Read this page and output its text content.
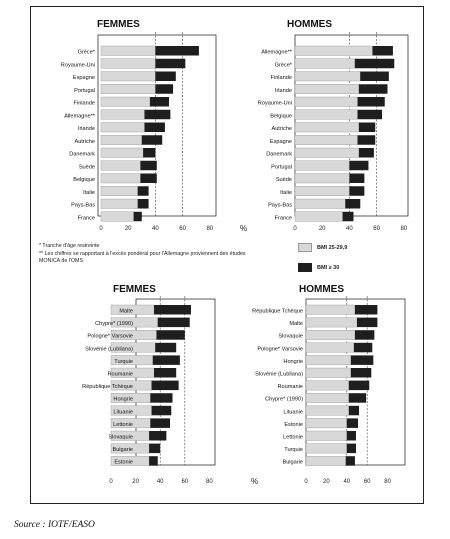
FEMMES
Grèce*
Royaume-Uni
Espagne
Portugal
Finlande
Allemagne**
Irlande
Autriche
Danemark
Suède
Belgique
Italie
Pays-Bas
France
0	20	40	60	80
HOMMES
Allemagne**
Grèce*
Finlande
Irlande
Royaume-Uni
Belgique
Autriche
Espagne
Danemark
Portugal
Suède
Italie
Pays-Bas
France
0	20	40	60	80
%
FEMMES
Malte
Chypre* (1990)
Pologne* Varsovie
Slovénie (Lubliana)
Turquie
Roumanie
République Tchèque
Hongrie
Lituanie
Lettonie
Slovaquie
Bulgarie
Estonie
0	20	40	60	80
HOMMES
République Tchèque
Malte
Slovaquie
Pologne* Varsovie
Hongrie
Slovénie (Lubliana)
Roumanie
Chypre* (1990)
Lituanie
Estonie
Lettonie
Turquie
Bulgarie
0	20 40 60 80
%
* Tranche d'âge restreinte
** Les chiffres se rapportant à l'excès pondéral pour l'Allemagne proviennent des études MONICA de l'OMS
BMI 25-29,9
BMI ≥ 30
Source : IOTF/EASO
